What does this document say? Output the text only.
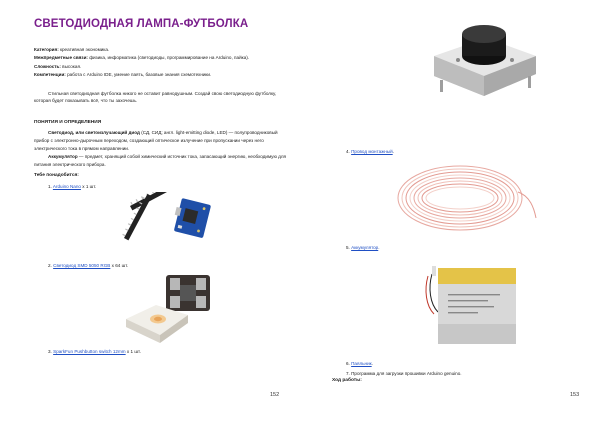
СВЕТОДИОДНАЯ ЛАМПА-ФУТБОЛКА

Категория: креативная экономика.

Межпредметные связи: физика, информатика (светодиоды, программирование на Arduino, пайка).

Сложность: высокая.

Компетенции: работа с Arduino IDE, умение паять, базовые знания схемотехники.

Стильная светодиодная футболка никого не оставит равнодушным. Создай свою светодиодную футболку, которая будет показывать всё, что ты захочешь.

ПОНЯТИЯ И ОПРЕДЕЛЕНИЯ

Светодиод, или светоизлучающий диод (СД, СИД; англ. light-emitting diode, LED) — полупроводниковый прибор с электронно-дырочным переходом, создающий оптическое излучение при пропускании через него электрического тока в прямом направлении.

Аккумулятор — предмет, хранящий собой химический источник тока, запасающий энергию, необходимую для питания электрического прибора.

Тебе понадобится:

1. Arduino Nano х 1 шт.

2. Светодиод SMD 5050 RGB х 64 шт.

3. SparkFun Pushbutton switch 12mm х 1 шт.

152

4. Провод монтажный.

5. Аккумулятор.

6. Паяльник.

7. Программа для загрузки прошивки Arduino genuino.

Ход работы:

153
